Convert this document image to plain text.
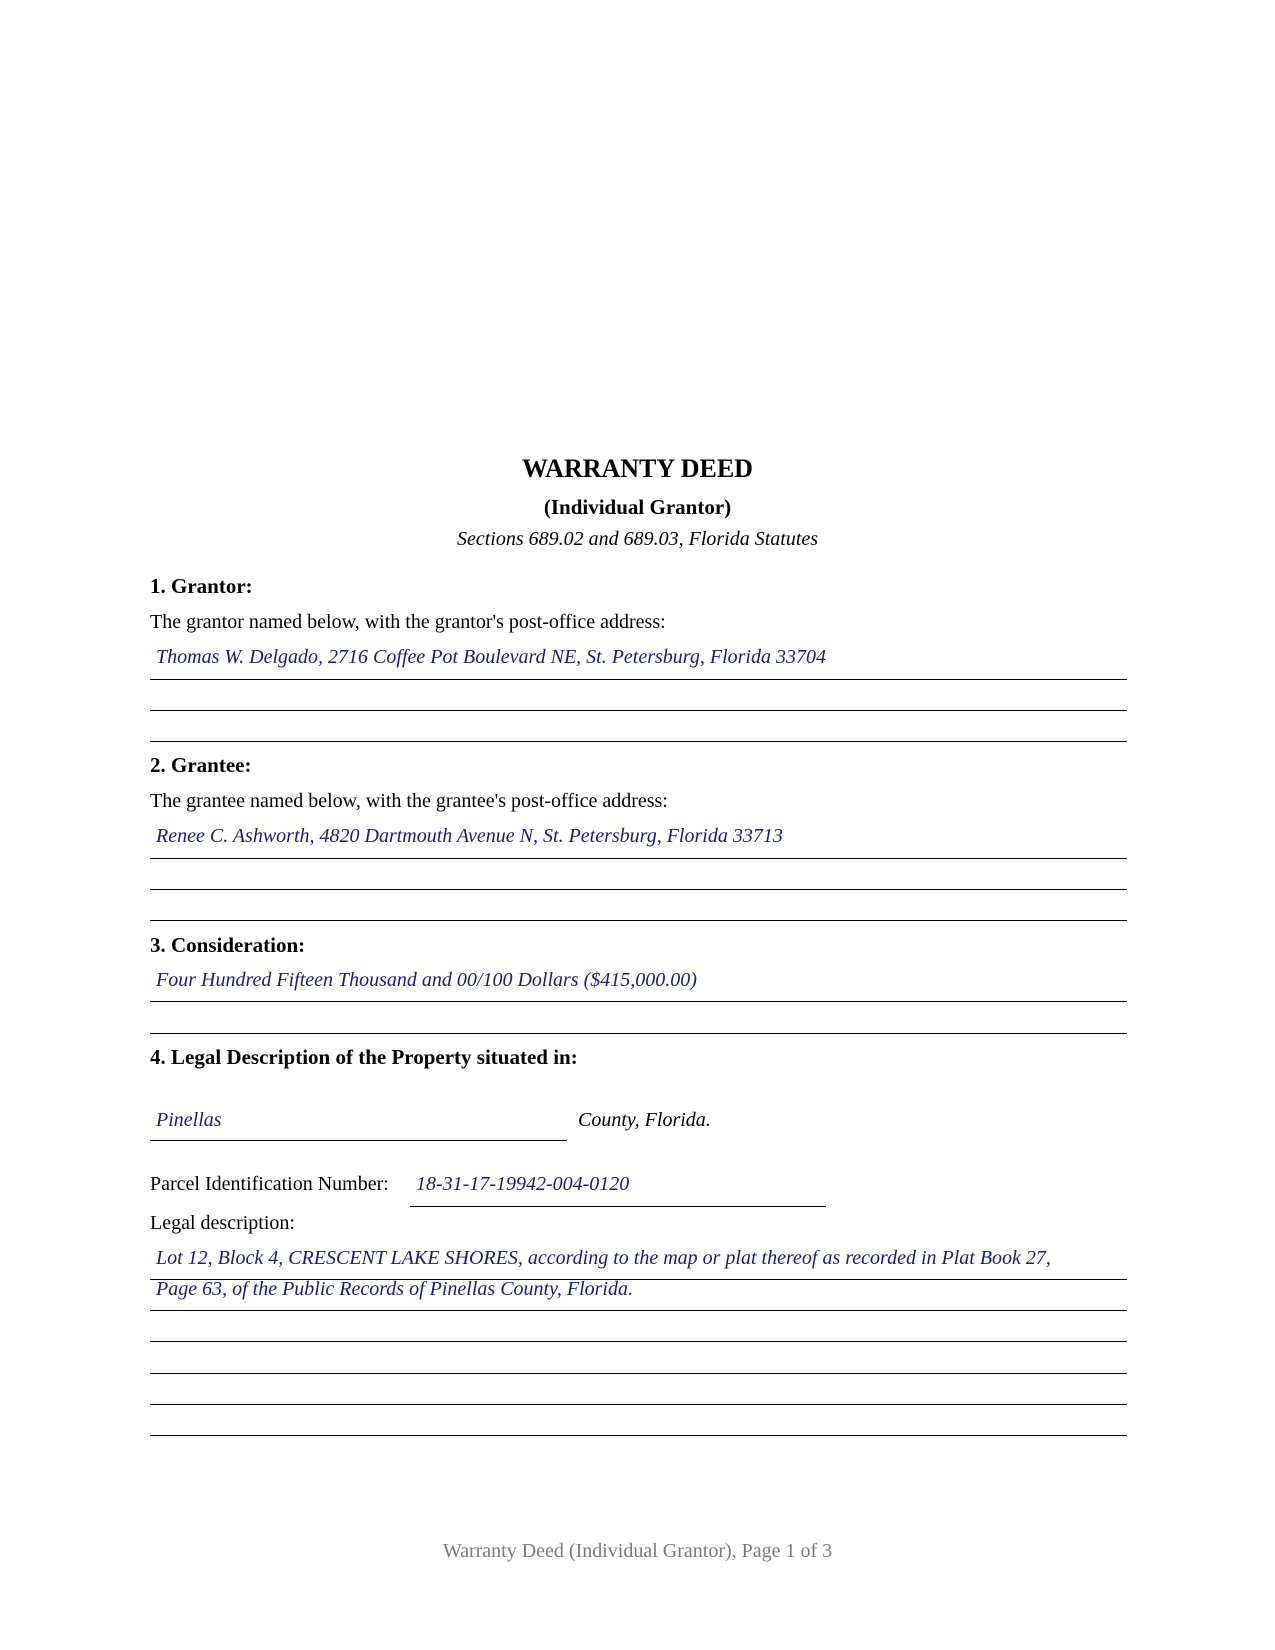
WARRANTY DEED
(Individual Grantor)
Sections 689.02 and 689.03, Florida Statutes
1. Grantor:
The grantor named below, with the grantor's post-office address:
Thomas W. Delgado, 2716 Coffee Pot Boulevard NE, St. Petersburg, Florida 33704
2. Grantee:
The grantee named below, with the grantee's post-office address:
Renee C. Ashworth, 4820 Dartmouth Avenue N, St. Petersburg, Florida 33713
3. Consideration:
Four Hundred Fifteen Thousand and 00/100 Dollars ($415,000.00)
4. Legal Description of the Property situated in:
Pinellas	County, Florida.
Parcel Identification Number: 18-31-17-19942-004-0120
Legal description:
Lot 12, Block 4, CRESCENT LAKE SHORES, according to the map or plat thereof as recorded in Plat Book 27,
Page 63, of the Public Records of Pinellas County, Florida.
Warranty Deed (Individual Grantor), Page 1 of 3
